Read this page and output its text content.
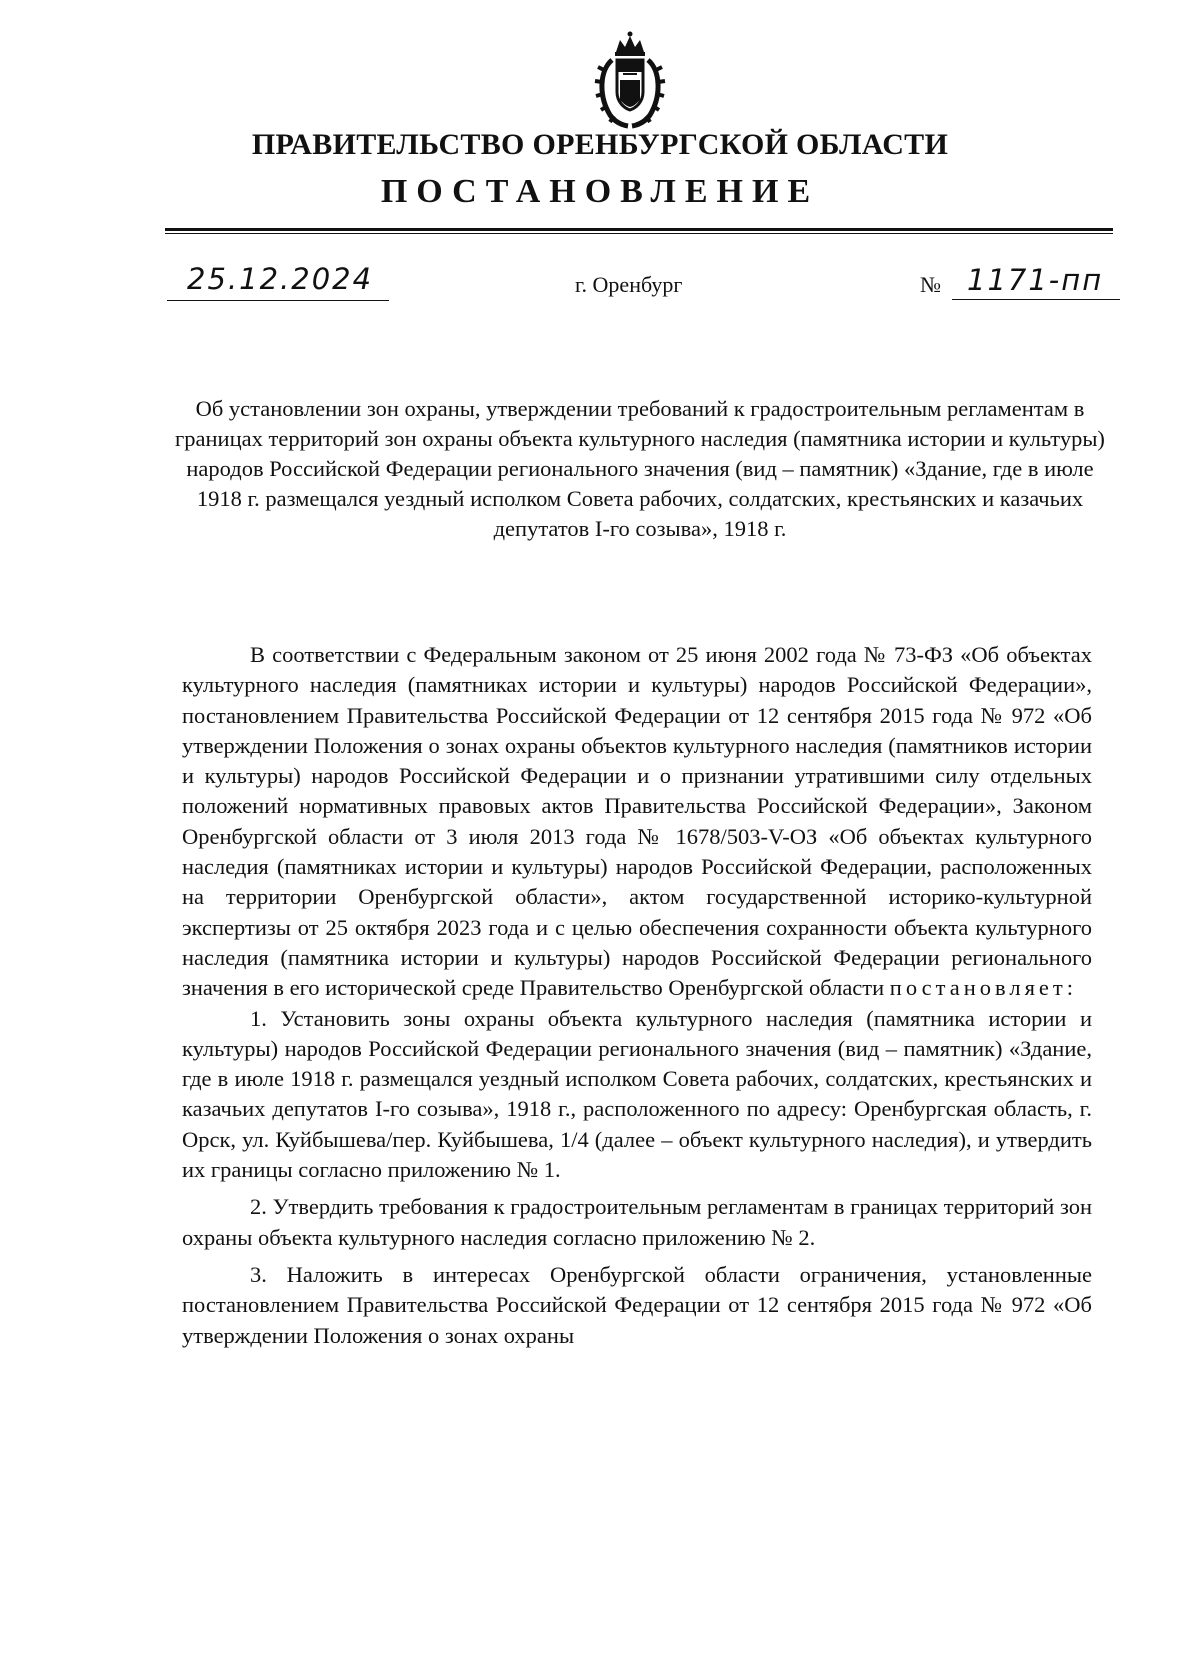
ПРАВИТЕЛЬСТВО ОРЕНБУРГСКОЙ ОБЛАСТИ
ПОСТАНОВЛЕНИЕ
25.12.2024	г. Оренбург	№ 1171-пп
Об установлении зон охраны, утверждении требований к градостроительным регламентам в границах территорий зон охраны объекта культурного наследия (памятника истории и культуры) народов Российской Федерации регионального значения (вид – памятник) «Здание, где в июле 1918 г. размещался уездный исполком Совета рабочих, солдатских, крестьянских и казачьих депутатов I-го созыва», 1918 г.

В соответствии с Федеральным законом от 25 июня 2002 года № 73-ФЗ «Об объектах культурного наследия (памятниках истории и культуры) народов Российской Федерации», постановлением Правительства Российской Федерации от 12 сентября 2015 года № 972 «Об утверждении Положения о зонах охраны объектов культурного наследия (памятников истории и культуры) народов Российской Федерации и о признании утратившими силу отдельных положений нормативных правовых актов Правительства Российской Федерации», Законом Оренбургской области от 3 июля 2013 года № 1678/503-V-ОЗ «Об объектах культурного наследия (памятниках истории и культуры) народов Российской Федерации, расположенных на территории Оренбургской области», актом государственной историко-культурной экспертизы от 25 октября 2023 года и с целью обеспечения сохранности объекта культурного наследия (памятника истории и культуры) народов Российской Федерации регионального значения в его исторической среде Правительство Оренбургской области постановляет:

1. Установить зоны охраны объекта культурного наследия (памятника истории и культуры) народов Российской Федерации регионального значения (вид – памятник) «Здание, где в июле 1918 г. размещался уездный исполком Совета рабочих, солдатских, крестьянских и казачьих депутатов I-го созыва», 1918 г., расположенного по адресу: Оренбургская область, г. Орск, ул. Куйбышева/пер. Куйбышева, 1/4 (далее – объект культурного наследия), и утвердить их границы согласно приложению № 1.

2. Утвердить требования к градостроительным регламентам в границах территорий зон охраны объекта культурного наследия согласно приложению № 2.

3. Наложить в интересах Оренбургской области ограничения, установленные постановлением Правительства Российской Федерации от 12 сентября 2015 года № 972 «Об утверждении Положения о зонах охраны
